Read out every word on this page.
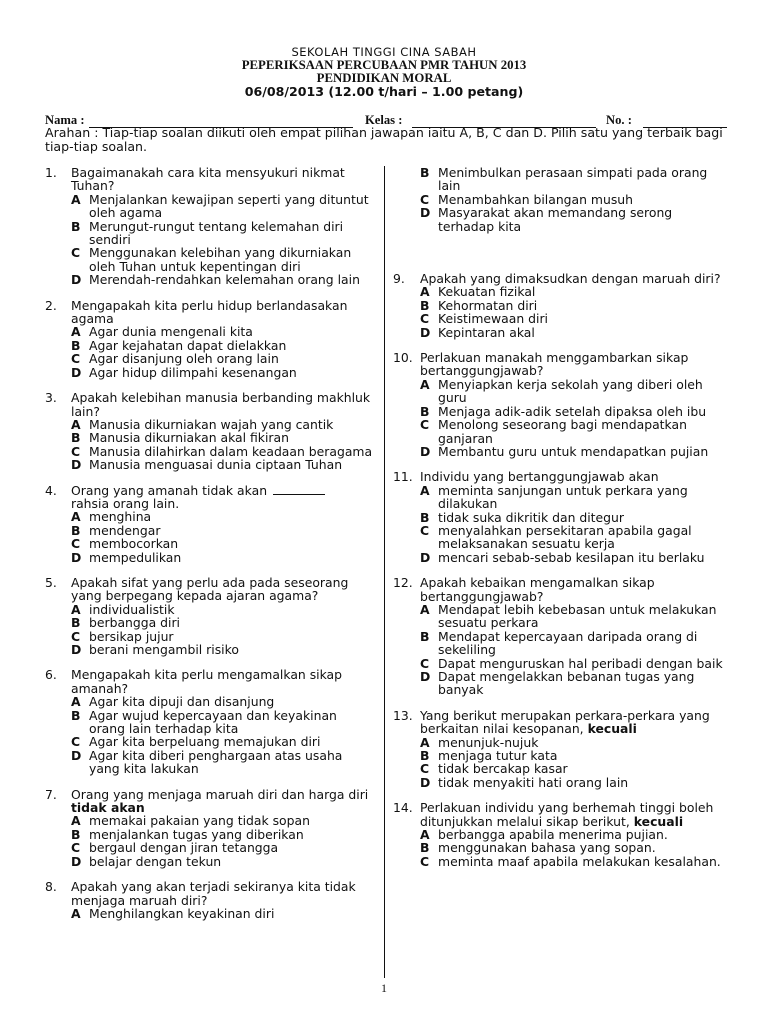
SEKOLAH TINGGI CINA SABAH
PEPERIKSAAN PERCUBAAN PMR TAHUN 2013
PENDIDIKAN MORAL
06/08/2013 (12.00 t/hari – 1.00 petang)
Nama :	Kelas :	No. :
Arahan : Tiap-tiap soalan diikuti oleh empat pilihan jawapan iaitu A, B, C dan D. Pilih satu yang terbaik bagi tiap-tiap soalan.
1. Bagaimanakah cara kita mensyukuri nikmat Tuhan?
A Menjalankan kewajipan seperti yang dituntut oleh agama
B Merungut-rungut tentang kelemahan diri sendiri
C Menggunakan kelebihan yang dikurniakan oleh Tuhan untuk kepentingan diri
D Merendah-rendahkan kelemahan orang lain
2. Mengapakah kita perlu hidup berlandasakan agama
A Agar dunia mengenali kita
B Agar kejahatan dapat dielakkan
C Agar disanjung oleh orang lain
D Agar hidup dilimpahi kesenangan
3. Apakah kelebihan manusia berbanding makhluk lain?
A Manusia dikurniakan wajah yang cantik
B Manusia dikurniakan akal fikiran
C Manusia dilahirkan dalam keadaan beragama
D Manusia menguasai dunia ciptaan Tuhan
4. Orang yang amanah tidak akan
rahsia orang lain.
A menghina
B mendengar
C membocorkan
D mempedulikan
5. Apakah sifat yang perlu ada pada seseorang yang berpegang kepada ajaran agama?
A individualistik
B berbangga diri
C bersikap jujur
D berani mengambil risiko
6. Mengapakah kita perlu mengamalkan sikap amanah?
A Agar kita dipuji dan disanjung
B Agar wujud kepercayaan dan keyakinan orang lain terhadap kita
C Agar kita berpeluang memajukan diri
D Agar kita diberi penghargaan atas usaha yang kita lakukan
7. Orang yang menjaga maruah diri dan harga diri tidak akan
A memakai pakaian yang tidak sopan
B menjalankan tugas yang diberikan
C bergaul dengan jiran tetangga
D belajar dengan tekun
8. Apakah yang akan terjadi sekiranya kita tidak menjaga maruah diri?
A Menghilangkan keyakinan diri
B Menimbulkan perasaan simpati pada orang lain
C Menambahkan bilangan musuh
D Masyarakat akan memandang serong terhadap kita
9. Apakah yang dimaksudkan dengan maruah diri?
A Kekuatan fizikal
B Kehormatan diri
C Keistimewaan diri
D Kepintaran akal
10. Perlakuan manakah menggambarkan sikap bertanggungjawab?
A Menyiapkan kerja sekolah yang diberi oleh guru
B Menjaga adik-adik setelah dipaksa oleh ibu
C Menolong seseorang bagi mendapatkan ganjaran
D Membantu guru untuk mendapatkan pujian
11. Individu yang bertanggungjawab akan
A meminta sanjungan untuk perkara yang dilakukan
B tidak suka dikritik dan ditegur
C menyalahkan persekitaran apabila gagal melaksanakan sesuatu kerja
D mencari sebab-sebab kesilapan itu berlaku
12. Apakah kebaikan mengamalkan sikap bertanggungjawab?
A Mendapat lebih kebebasan untuk melakukan sesuatu perkara
B Mendapat kepercayaan daripada orang di sekeliling
C Dapat menguruskan hal peribadi dengan baik
D Dapat mengelakkan bebanan tugas yang banyak
13. Yang berikut merupakan perkara-perkara yang berkaitan nilai kesopanan, kecuali
A menunjuk-nujuk
B menjaga tutur kata
C tidak bercakap kasar
D tidak menyakiti hati orang lain
14. Perlakuan individu yang berhemah tinggi boleh ditunjukkan melalui sikap berikut, kecuali
A berbangga apabila menerima pujian.
B menggunakan bahasa yang sopan.
C meminta maaf apabila melakukan kesalahan.
1
